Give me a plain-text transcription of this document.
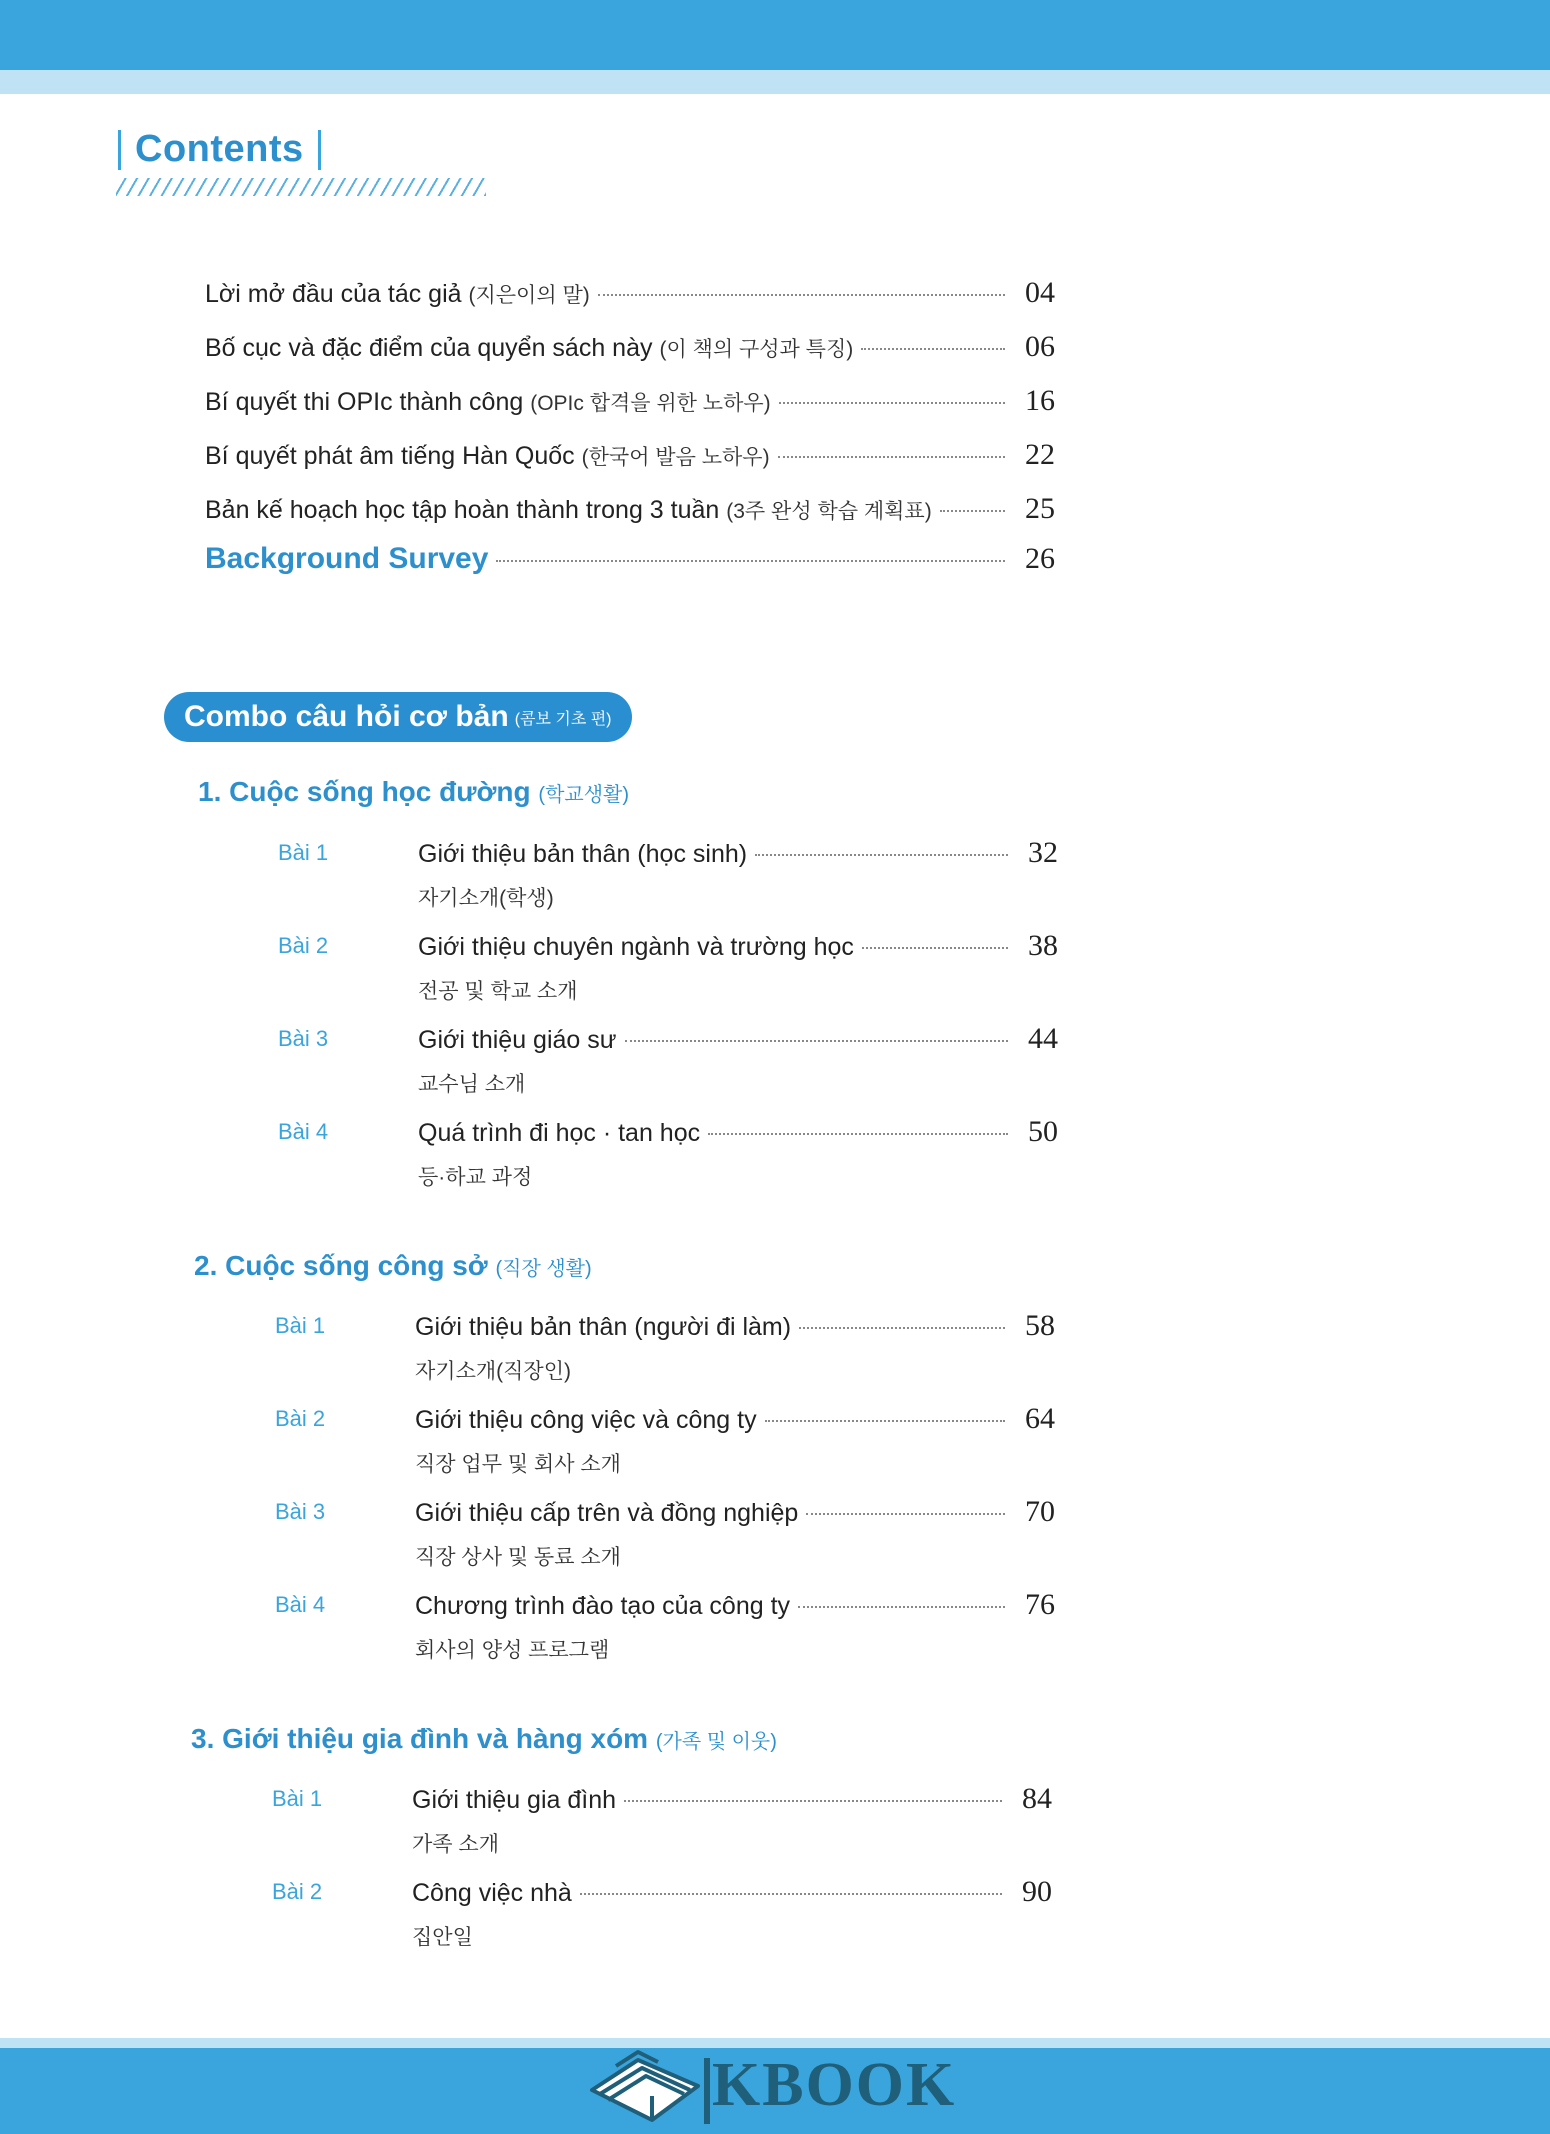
Contents
Lời mở đầu của tác giả (지은이의 말)	04
Bố cục và đặc điểm của quyển sách này (이 책의 구성과 특징)	06
Bí quyết thi OPIc thành công (OPIc 합격을 위한 노하우)	16
Bí quyết phát âm tiếng Hàn Quốc (한국어 발음 노하우)	22
Bản kế hoạch học tập hoàn thành trong 3 tuần (3주 완성 학습 계획표)	25
Background Survey	26
Combo câu hỏi cơ bản (콤보 기초 편)
1. Cuộc sống học đường (학교생활)
Bài 1	Giới thiệu bản thân (học sinh)	32
자기소개(학생)
Bài 2	Giới thiệu chuyên ngành và trường học	38
전공 및 학교 소개
Bài 3	Giới thiệu giáo sư	44
교수님 소개
Bài 4	Quá trình đi học · tan học	50
등·하교 과정
2. Cuộc sống công sở (직장 생활)
Bài 1	Giới thiệu bản thân (người đi làm)	58
자기소개(직장인)
Bài 2	Giới thiệu công việc và công ty	64
직장 업무 및 회사 소개
Bài 3	Giới thiệu cấp trên và đồng nghiệp	70
직장 상사 및 동료 소개
Bài 4	Chương trình đào tạo của công ty	76
회사의 양성 프로그램
3. Giới thiệu gia đình và hàng xóm (가족 및 이웃)
Bài 1	Giới thiệu gia đình	84
가족 소개
Bài 2	Công việc nhà	90
집안일
KBOOK
